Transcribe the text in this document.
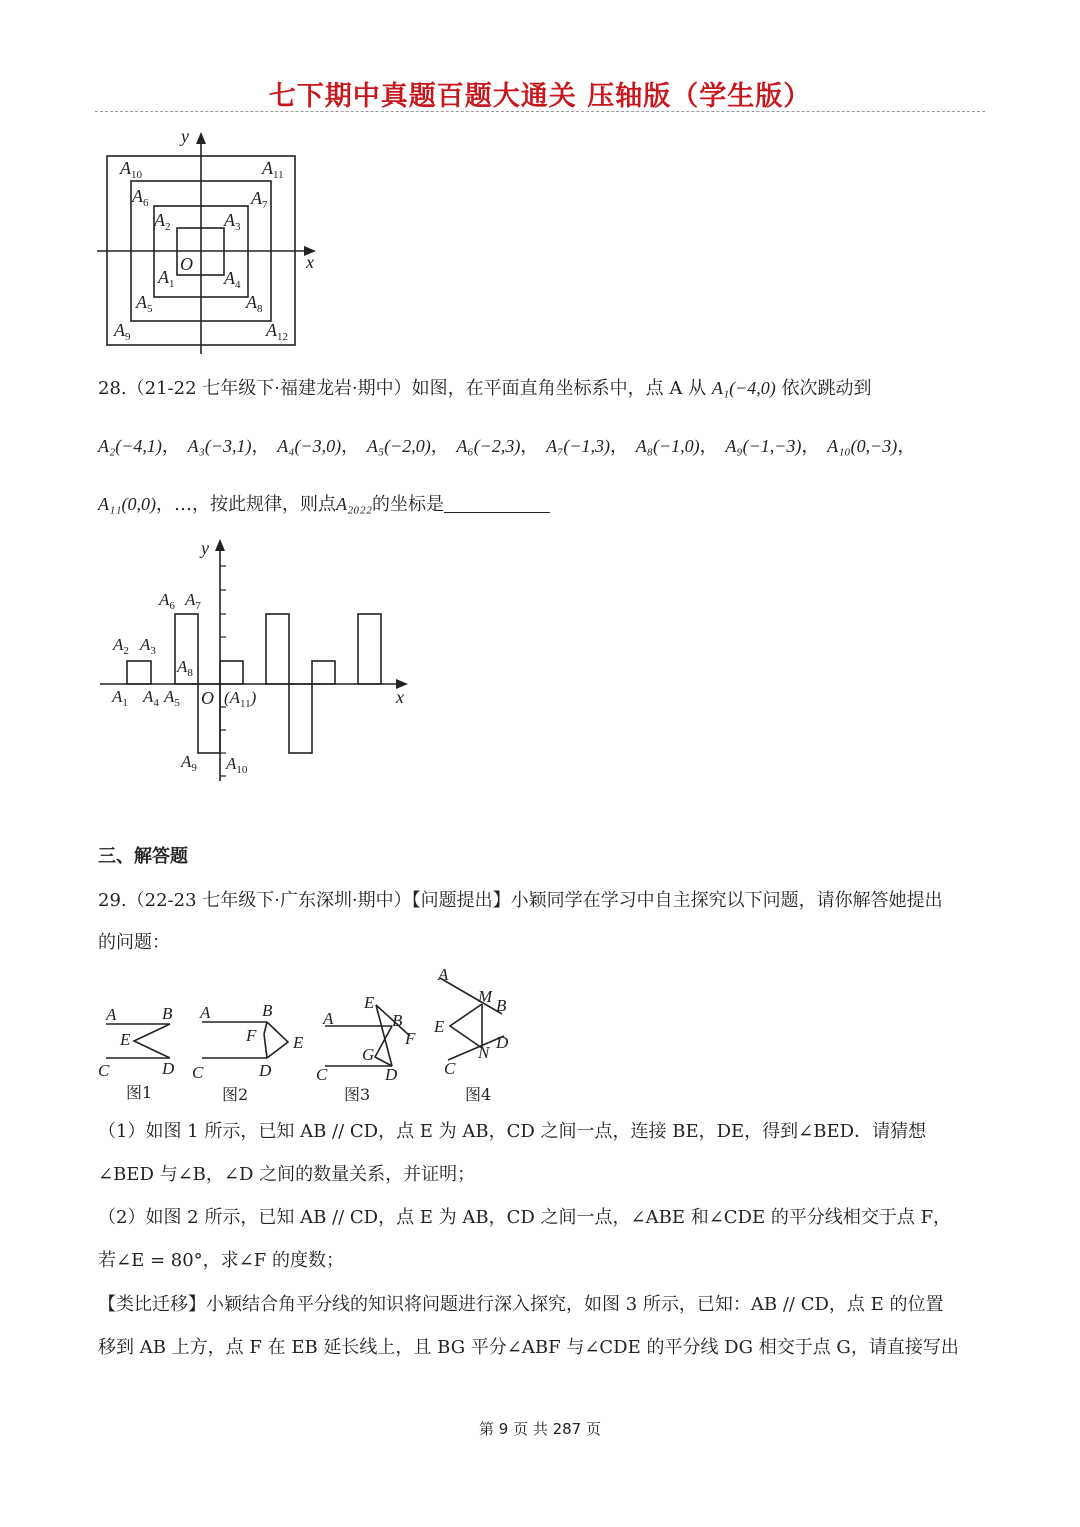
七下期中真题百题大通关 压轴版（学生版）
x
y
O
$A_{10}$	$A_{11}$
$A_6$	$A_7$
$A_2$	$A_3$
$A_1$	$A_4$
$A_5$	$A_8$
$A_9$	$A_{12}$
28.（21-22 七年级下·福建龙岩·期中）如图，在平面直角坐标系中，点 A 从 A₁(−4,0) 依次跳动到
A₂(−4,1)， A₃(−3,1)， A₄(−3,0)， A₅(−2,0)， A₆(−2,3)， A₇(−1,3)， A₈(−1,0)， A₉(−1,−3)， A₁₀(0,−3)，
A₁₁(0,0)，…，按此规律，则点A₂₀₂₂的坐标是
x
y
O
$A_2$ $A_3$
$A_6$ $A_7$
$A_8$
$A_1$ $A_4$ $A_5$	$(A_{11})$
$A_9$ $A_{10}$
三、解答题
29.（22-23 七年级下·广东深圳·期中）【问题提出】小颖同学在学习中自主探究以下问题，请你解答她提出
的问题：
A	B
E
C	D
A	B
F E
C	D
A
E
B
F
G
C	D
A
M B
E
N
D
C
图1	图2	图3	图4
（1）如图 1 所示，已知 AB // CD，点 E 为 AB，CD 之间一点，连接 BE，DE，得到∠BED．请猜想
∠BED 与∠B，∠D 之间的数量关系，并证明；
（2）如图 2 所示，已知 AB // CD，点 E 为 AB，CD 之间一点，∠ABE 和∠CDE 的平分线相交于点 F，
若∠E = 80°，求∠F 的度数；
【类比迁移】小颖结合角平分线的知识将问题进行深入探究，如图 3 所示，已知：AB // CD，点 E 的位置
移到 AB 上方，点 F 在 EB 延长线上，且 BG 平分∠ABF 与∠CDE 的平分线 DG 相交于点 G，请直接写出
第 9 页 共 287 页
